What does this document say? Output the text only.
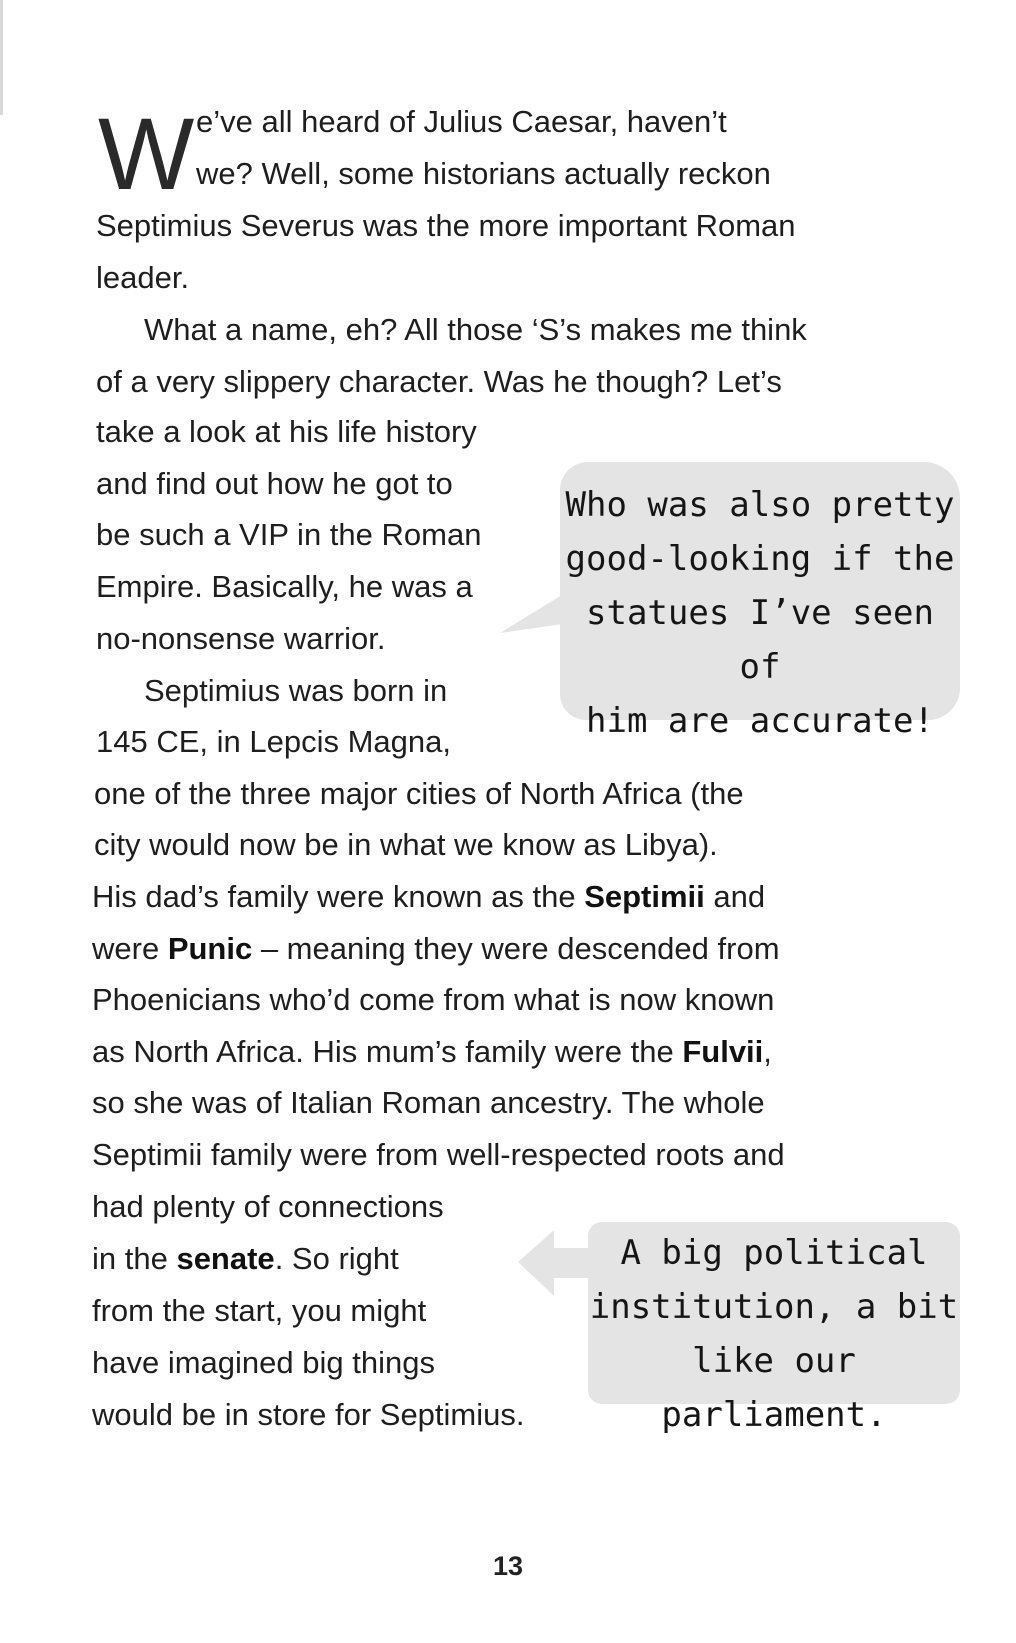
W e’ve all heard of Julius Caesar, haven’t
we? Well, some historians actually reckon
Septimius Severus was the more important Roman
leader.
What a name, eh? All those ‘S’s makes me think
of a very slippery character. Was he though? Let’s
take a look at his life history
and find out how he got to
be such a VIP in the Roman
Empire. Basically, he was a
no-nonsense warrior.
Septimius was born in
145 CE, in Lepcis Magna,
one of the three major cities of North Africa (the
city would now be in what we know as Libya).
His dad’s family were known as the Septimii and
were Punic – meaning they were descended from
Phoenicians who’d come from what is now known
as North Africa. His mum’s family were the Fulvii,
so she was of Italian Roman ancestry. The whole
Septimii family were from well-respected roots and
had plenty of connections
in the senate. So right
from the start, you might
have imagined big things
would be in store for Septimius.
Who was also pretty
good-looking if the
statues I’ve seen of
him are accurate!
A big political
institution, a bit
like our parliament.
13
